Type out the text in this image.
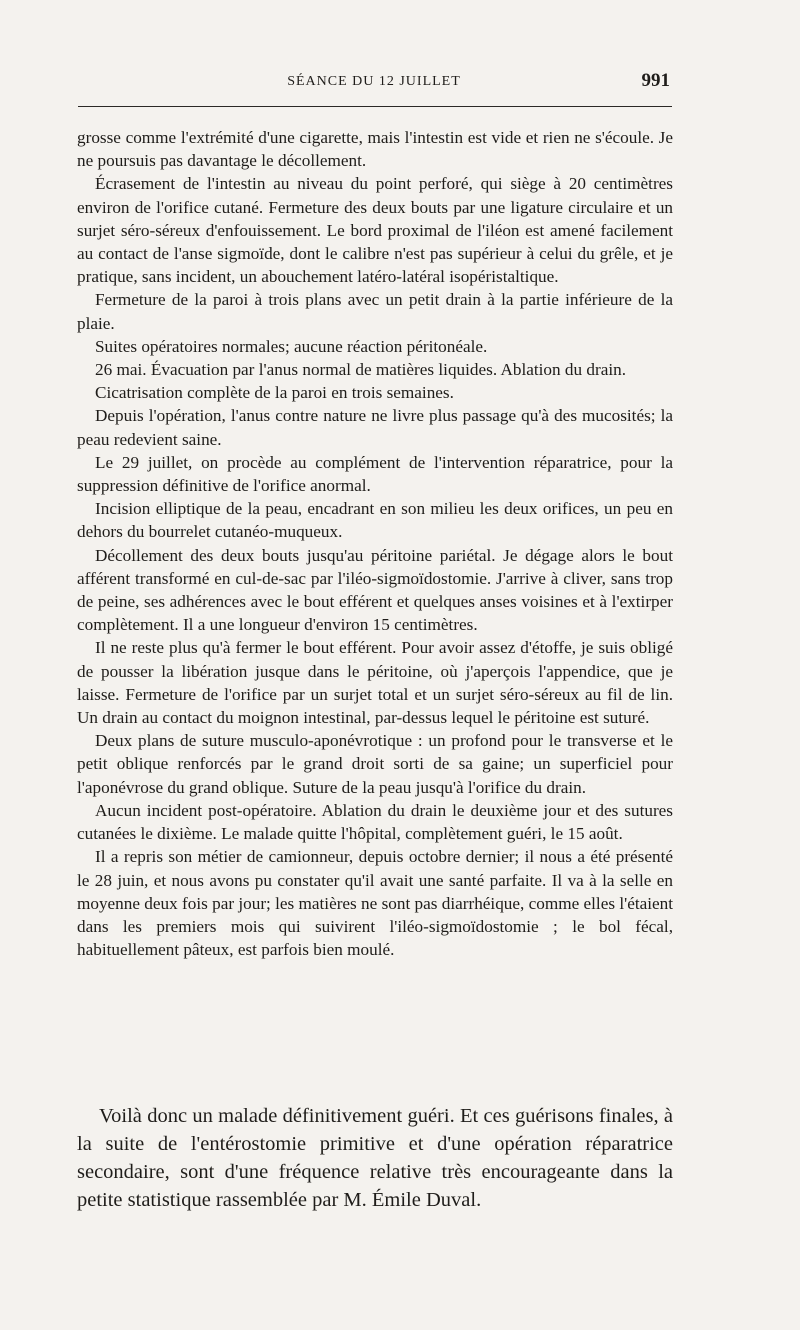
SÉANCE DU 12 JUILLET	991

grosse comme l'extrémité d'une cigarette, mais l'intestin est vide et rien ne s'écoule. Je ne poursuis pas davantage le décollement.

Écrasement de l'intestin au niveau du point perforé, qui siège à 20 centimètres environ de l'orifice cutané. Fermeture des deux bouts par une ligature circulaire et un surjet séro-séreux d'enfouissement. Le bord proximal de l'iléon est amené facilement au contact de l'anse sigmoïde, dont le calibre n'est pas supérieur à celui du grêle, et je pratique, sans incident, un abouchement latéro-latéral isopéristaltique.

Fermeture de la paroi à trois plans avec un petit drain à la partie inférieure de la plaie.

Suites opératoires normales; aucune réaction péritonéale.

26 mai. Évacuation par l'anus normal de matières liquides. Ablation du drain.

Cicatrisation complète de la paroi en trois semaines.

Depuis l'opération, l'anus contre nature ne livre plus passage qu'à des mucosités; la peau redevient saine.

Le 29 juillet, on procède au complément de l'intervention réparatrice, pour la suppression définitive de l'orifice anormal.

Incision elliptique de la peau, encadrant en son milieu les deux orifices, un peu en dehors du bourrelet cutanéo-muqueux.

Décollement des deux bouts jusqu'au péritoine pariétal. Je dégage alors le bout afférent transformé en cul-de-sac par l'iléo-sigmoïdostomie. J'arrive à cliver, sans trop de peine, ses adhérences avec le bout efférent et quelques anses voisines et à l'extirper complètement. Il a une longueur d'environ 15 centimètres.

Il ne reste plus qu'à fermer le bout efférent. Pour avoir assez d'étoffe, je suis obligé de pousser la libération jusque dans le péritoine, où j'aperçois l'appendice, que je laisse. Fermeture de l'orifice par un surjet total et un surjet séro-séreux au fil de lin. Un drain au contact du moignon intestinal, par-dessus lequel le péritoine est suturé.

Deux plans de suture musculo-aponévrotique : un profond pour le transverse et le petit oblique renforcés par le grand droit sorti de sa gaine; un superficiel pour l'aponévrose du grand oblique. Suture de la peau jusqu'à l'orifice du drain.

Aucun incident post-opératoire. Ablation du drain le deuxième jour et des sutures cutanées le dixième. Le malade quitte l'hôpital, complètement guéri, le 15 août.

Il a repris son métier de camionneur, depuis octobre dernier; il nous a été présenté le 28 juin, et nous avons pu constater qu'il avait une santé parfaite. Il va à la selle en moyenne deux fois par jour; les matières ne sont pas diarrhéique, comme elles l'étaient dans les premiers mois qui suivirent l'iléo-sigmoïdostomie ; le bol fécal, habituellement pâteux, est parfois bien moulé.

Voilà donc un malade définitivement guéri. Et ces guérisons finales, à la suite de l'entérostomie primitive et d'une opération réparatrice secondaire, sont d'une fréquence relative très encourageante dans la petite statistique rassemblée par M. Émile Duval.
